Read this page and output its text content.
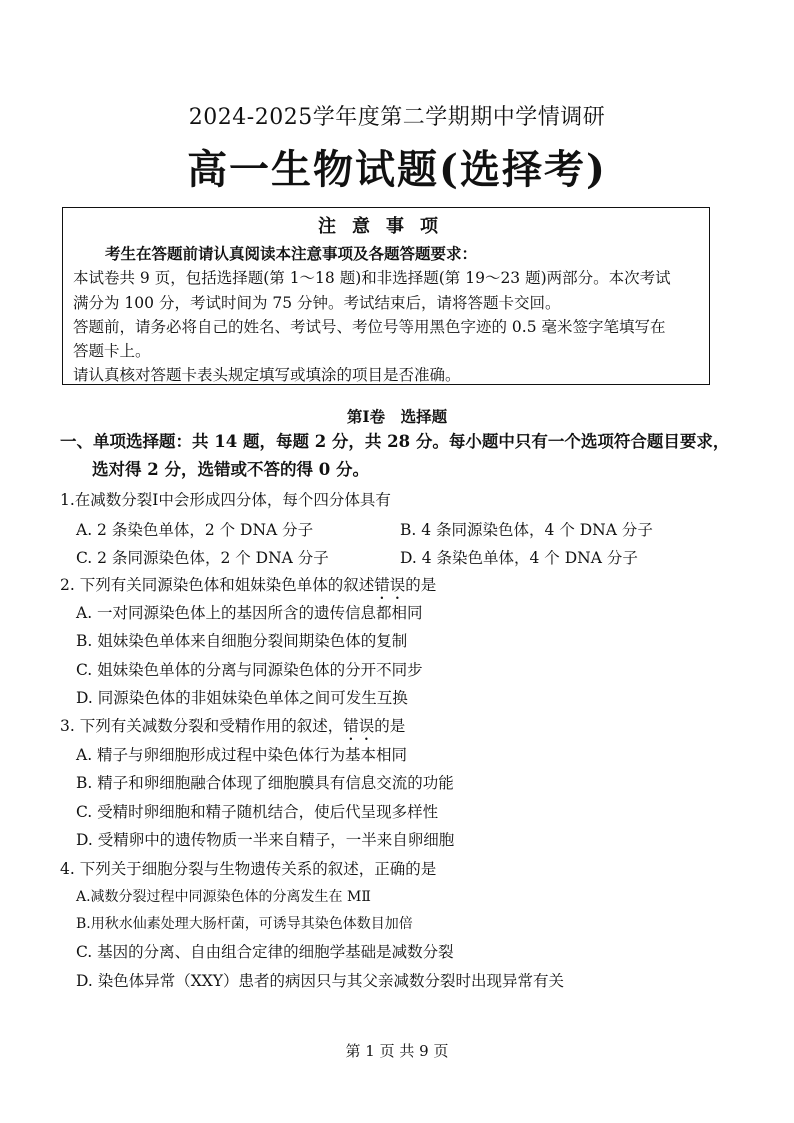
2024-2025学年度第二学期期中学情调研
高一生物试题(选择考)
注意事项
考生在答题前请认真阅读本注意事项及各题答题要求：
本试卷共 9 页，包括选择题(第 1～18 题)和非选择题(第 19～23 题)两部分。本次考试
满分为 100 分，考试时间为 75 分钟。考试结束后，请将答题卡交回。
答题前，请务必将自己的姓名、考试号、考位号等用黑色字迹的 0.5 毫米签字笔填写在
答题卡上。
请认真核对答题卡表头规定填写或填涂的项目是否准确。
第Ⅰ卷　选择题
一、单项选择题：共 14 题，每题 2 分，共 28 分。每小题中只有一个选项符合题目要求，
选对得 2 分，选错或不答的得 0 分。
1.在减数分裂Ⅰ中会形成四分体，每个四分体具有
A. 2 条染色单体，2 个 DNA 分子	B. 4 条同源染色体，4 个 DNA 分子
C. 2 条同源染色体，2 个 DNA 分子	D. 4 条染色单体，4 个 DNA 分子
2. 下列有关同源染色体和姐妹染色单体的叙述错误的是
A. 一对同源染色体上的基因所含的遗传信息都相同
B. 姐妹染色单体来自细胞分裂间期染色体的复制
C. 姐妹染色单体的分离与同源染色体的分开不同步
D. 同源染色体的非姐妹染色单体之间可发生互换
3. 下列有关减数分裂和受精作用的叙述，错误的是
A. 精子与卵细胞形成过程中染色体行为基本相同
B. 精子和卵细胞融合体现了细胞膜具有信息交流的功能
C. 受精时卵细胞和精子随机结合，使后代呈现多样性
D. 受精卵中的遗传物质一半来自精子，一半来自卵细胞
4. 下列关于细胞分裂与生物遗传关系的叙述，正确的是
A.减数分裂过程中同源染色体的分离发生在 MⅡ
B.用秋水仙素处理大肠杆菌，可诱导其染色体数目加倍
C. 基因的分离、自由组合定律的细胞学基础是减数分裂
D. 染色体异常（XXY）患者的病因只与其父亲减数分裂时出现异常有关
第 1 页 共 9 页
